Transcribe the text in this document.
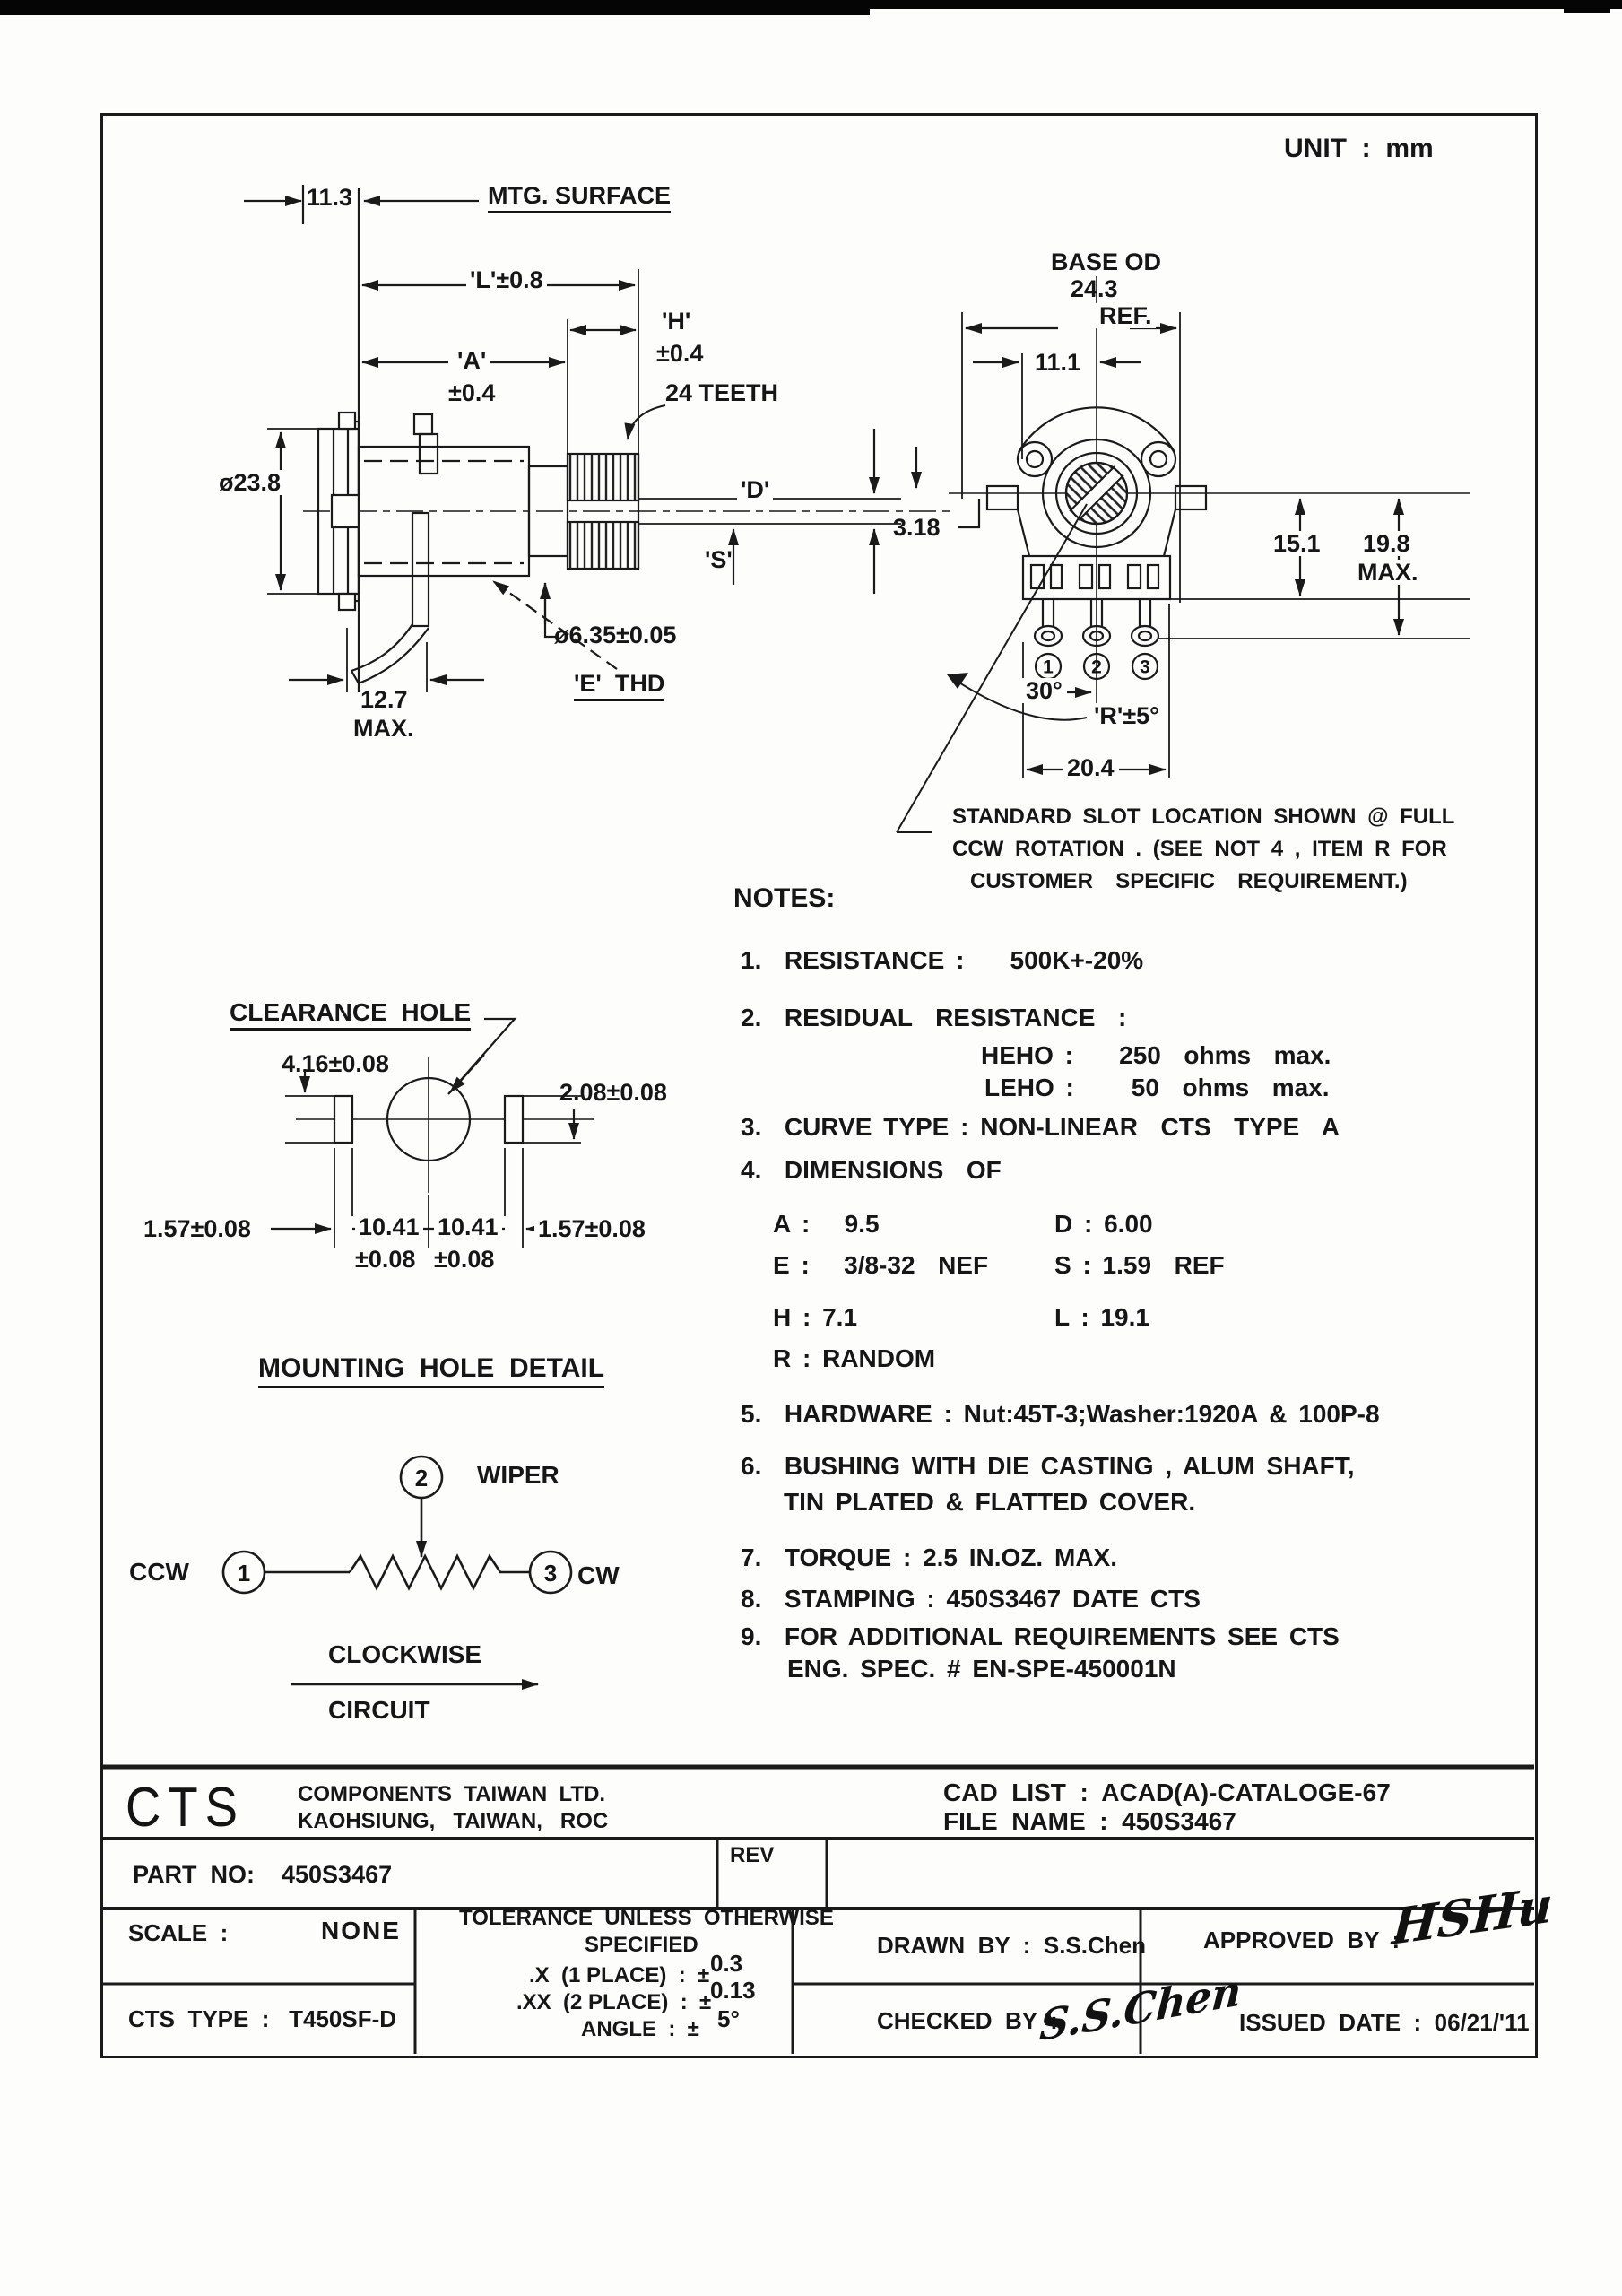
1 2 3
2
1	3
UNIT  :  mm
11.3	MTG. SURFACE
'L'±0.8
'H'
±0.4
'A'
±0.4	24 TEETH
ø23.8	'D'
'S'
ø6.35±0.05
'E'  THD
12.7
MAX.
BASE OD
24.3
REF.
11.1
3.18
15.1 19.8
MAX.
30°
'R'±5°
20.4
STANDARD SLOT LOCATION SHOWN @ FULL
CCW ROTATION . (SEE NOT 4 , ITEM R FOR
CUSTOMER  SPECIFIC  REQUIREMENT.)
NOTES:
1.  RESISTANCE :    500K+-20%
2.  RESIDUAL  RESISTANCE  :
HEHO :    250  ohms  max.
LEHO :     50  ohms  max.
3.  CURVE TYPE : NON-LINEAR  CTS  TYPE  A
4.  DIMENSIONS  OF
A :   9.5	D : 6.00
E :   3/8-32  NEF	S : 1.59  REF
H : 7.1	L : 19.1
R : RANDOM
5.  HARDWARE : Nut:45T-3;Washer:1920A & 100P-8
6.  BUSHING WITH DIE CASTING , ALUM SHAFT,
TIN PLATED & FLATTED COVER.
7.  TORQUE : 2.5 IN.OZ. MAX.
8.  STAMPING : 450S3467 DATE CTS
9.  FOR ADDITIONAL REQUIREMENTS SEE CTS
ENG. SPEC. # EN-SPE-450001N
CLEARANCE  HOLE
4.16±0.08
2.08±0.08
1.57±0.08	10.41 10.41
±0.08 ±0.08
1.57±0.08
MOUNTING  HOLE  DETAIL
WIPER
CCW	CW
CLOCKWISE
CIRCUIT
CTS COMPONENTS  TAIWAN  LTD.
KAOHSIUNG,   TAIWAN,   ROC
CAD  LIST  :  ACAD(A)-CATALOGE-67
FILE  NAME  :  450S3467
PART  NO:    450S3467
REV
SCALE  :	NONE
CTS  TYPE  :   T450SF-D
TOLERANCE  UNLESS  OTHERWISE
SPECIFIED
.X  (1 PLACE)  :  ± 0.3
.XX  (2 PLACE)  :  ±
0.13
ANGLE  :  ± 5°
DRAWN  BY  :  S.S.Chen APPROVED  BY  :
HSHu
CHECKED  BY  :
S.S.Chen
ISSUED  DATE  :  06/21/'11
